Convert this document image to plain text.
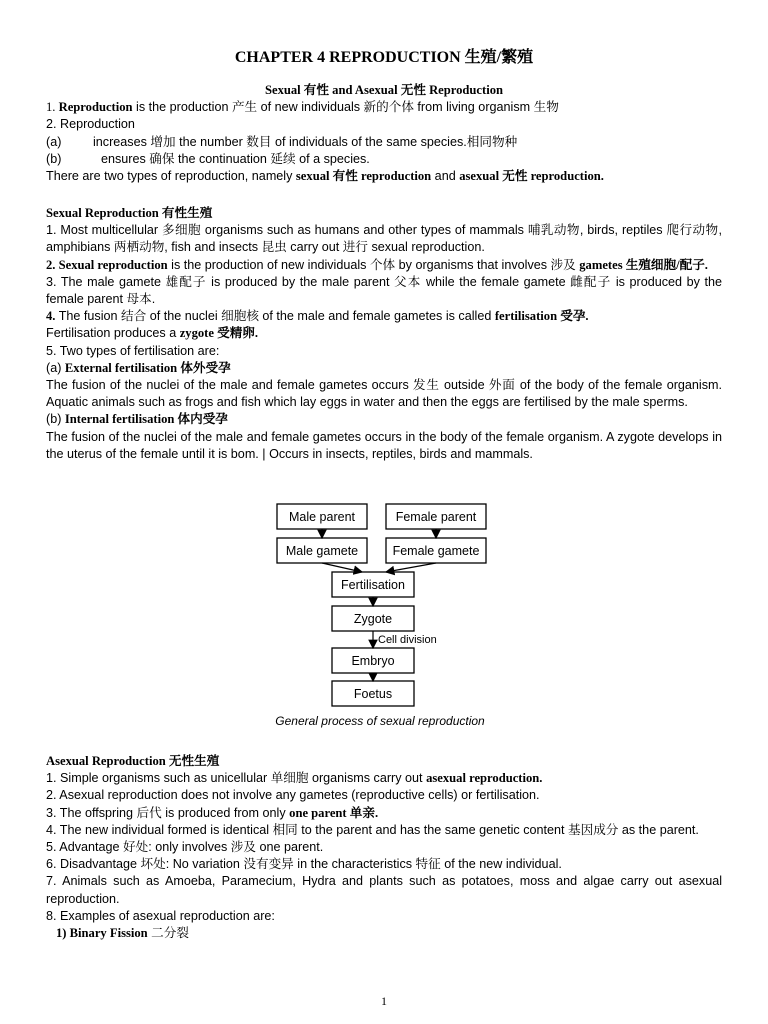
CHAPTER 4 REPRODUCTION 生殖/繁殖

Sexual 有性 and Asexual 无性 Reproduction

1. Reproduction is the production 产生 of new individuals 新的个体 from living organism 生物

2. Reproduction

(a)	increases 增加 the number 数目 of individuals of the same species.相同物种
(b)	ensures 确保 the continuation 延续 of a species.

There are two types of reproduction, namely sexual 有性 reproduction and asexual 无性 reproduction.

Sexual Reproduction 有性生殖

1. Most multicellular 多细胞 organisms such as humans and other types of mammals 哺乳动物, birds, reptiles 爬行动物, amphibians 两栖动物, fish and insects 昆虫 carry out 进行 sexual reproduction.

2. Sexual reproduction is the production of new individuals 个体 by organisms that involves 涉及 gametes 生殖细胞/配子.

3. The male gamete 雄配子 is produced by the male parent 父本 while the female gamete 雌配子 is produced by the female parent 母本.

4. The fusion 结合 of the nuclei 细胞核 of the male and female gametes is called fertilisation 受孕.

Fertilisation produces a zygote 受精卵.

5. Two types of fertilisation are:

(a) External fertilisation 体外受孕

The fusion of the nuclei of the male and female gametes occurs 发生 outside 外面 of the body of the female organism. Aquatic animals such as frogs and fish which lay eggs in water and then the eggs are fertilised by the male sperms.

(b) Internal fertilisation 体内受孕

The fusion of the nuclei of the male and female gametes occurs in the body of the female organism. A zygote develops in the uterus of the female until it is bom. | Occurs in insects, reptiles, birds and mammals.

Male parent	Female parent
Male gamete	Female gamete
Fertilisation
Zygote
Cell division
Embryo
Foetus
General process of sexual reproduction

Asexual Reproduction 无性生殖

1. Simple organisms such as unicellular 单细胞 organisms carry out asexual reproduction.

2. Asexual reproduction does not involve any gametes (reproductive cells) or fertilisation.

3. The offspring 后代 is produced from only one parent 单亲.

4. The new individual formed is identical 相同 to the parent and has the same genetic content 基因成分 as the parent.

5. Advantage 好处: only involves 涉及 one parent.

6. Disadvantage 坏处: No variation 没有变异 in the characteristics 特征 of the new individual.

7. Animals such as Amoeba, Paramecium, Hydra and plants such as potatoes, moss and algae carry out asexual reproduction.

8. Examples of asexual reproduction are:

1) Binary Fission 二分裂

1
